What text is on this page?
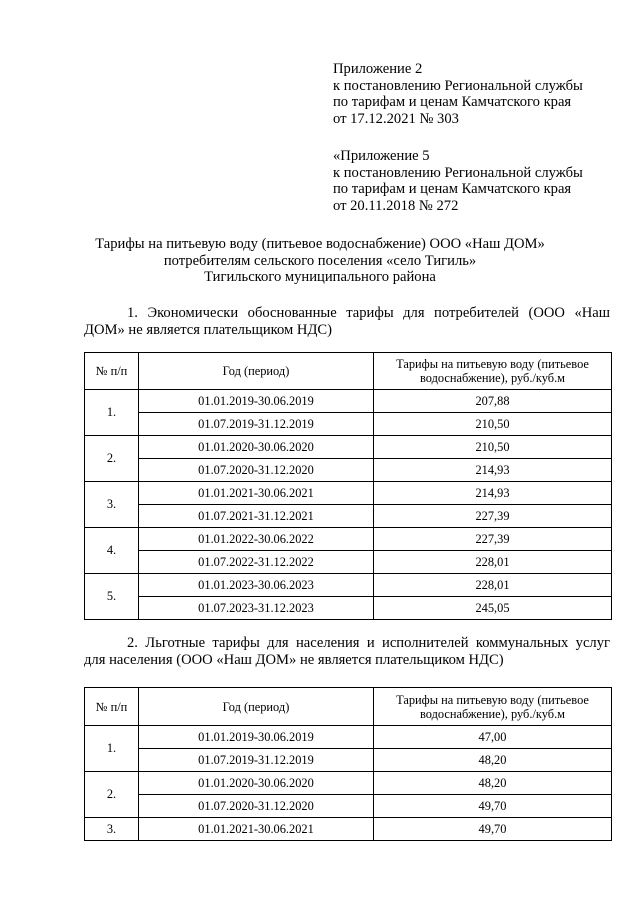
Приложение 2
к постановлению Региональной службы
по тарифам и ценам Камчатского края
от 17.12.2021 № 303
«Приложение 5
к постановлению Региональной службы
по тарифам и ценам Камчатского края
от 20.11.2018 № 272
Тарифы на питьевую воду (питьевое водоснабжение) ООО «Наш ДОМ»
потребителям сельского поселения «село Тигиль»
Тигильского муниципального района
1. Экономически обоснованные тарифы для потребителей (ООО «Наш
ДОМ» не является плательщиком НДС)
№ п/п	Год (период)	Тарифы на питьевую воду (питьевое водоснабжение), руб./куб.м
1.	01.01.2019-30.06.2019	207,88
	01.07.2019-31.12.2019	210,50
2.	01.01.2020-30.06.2020	210,50
	01.07.2020-31.12.2020	214,93
3.	01.01.2021-30.06.2021	214,93
	01.07.2021-31.12.2021	227,39
4.	01.01.2022-30.06.2022	227,39
	01.07.2022-31.12.2022	228,01
5.	01.01.2023-30.06.2023	228,01
	01.07.2023-31.12.2023	245,05
2. Льготные тарифы для населения и исполнителей коммунальных услуг
для населения (ООО «Наш ДОМ» не является плательщиком НДС)
№ п/п	Год (период)	Тарифы на питьевую воду (питьевое водоснабжение), руб./куб.м
1.	01.01.2019-30.06.2019	47,00
	01.07.2019-31.12.2019	48,20
2.	01.01.2020-30.06.2020	48,20
	01.07.2020-31.12.2020	49,70
3.	01.01.2021-30.06.2021	49,70
